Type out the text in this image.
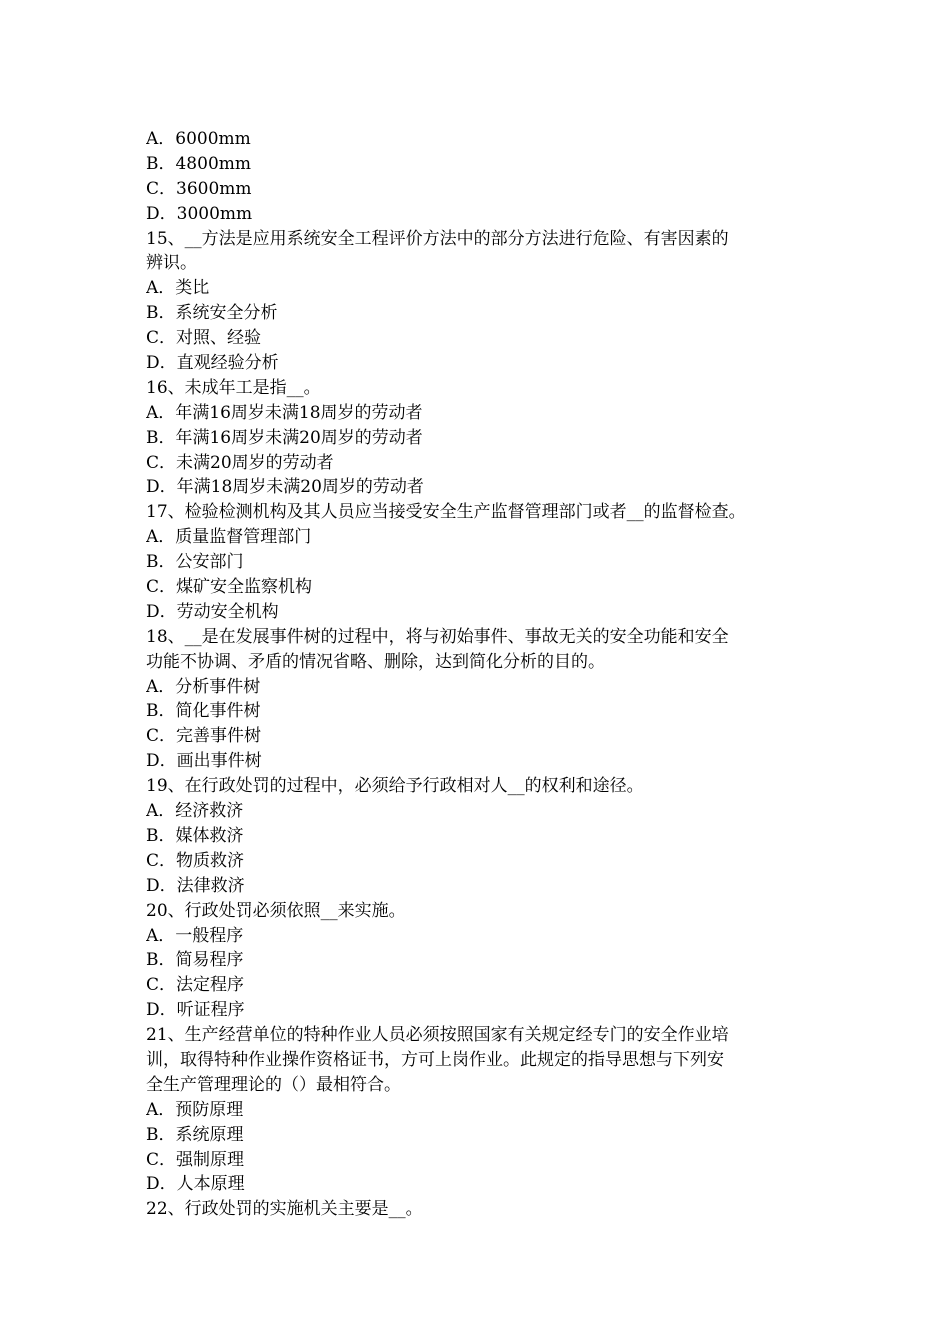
A．6000mm
B．4800mm
C．3600mm
D．3000mm
15、__方法是应用系统安全工程评价方法中的部分方法进行危险、有害因素的
辨识。
A．类比
B．系统安全分析
C．对照、经验
D．直观经验分析
16、未成年工是指__。
A．年满16周岁未满18周岁的劳动者
B．年满16周岁未满20周岁的劳动者
C．未满20周岁的劳动者
D．年满18周岁未满20周岁的劳动者
17、检验检测机构及其人员应当接受安全生产监督管理部门或者__的监督检查。
A．质量监督管理部门
B．公安部门
C．煤矿安全监察机构
D．劳动安全机构
18、__是在发展事件树的过程中，将与初始事件、事故无关的安全功能和安全
功能不协调、矛盾的情况省略、删除，达到简化分析的目的。
A．分析事件树
B．简化事件树
C．完善事件树
D．画出事件树
19、在行政处罚的过程中，必须给予行政相对人__的权利和途径。
A．经济救济
B．媒体救济
C．物质救济
D．法律救济
20、行政处罚必须依照__来实施。
A．一般程序
B．简易程序
C．法定程序
D．听证程序
21、生产经营单位的特种作业人员必须按照国家有关规定经专门的安全作业培
训，取得特种作业操作资格证书，方可上岗作业。此规定的指导思想与下列安
全生产管理理论的（）最相符合。
A．预防原理
B．系统原理
C．强制原理
D．人本原理
22、行政处罚的实施机关主要是__。
